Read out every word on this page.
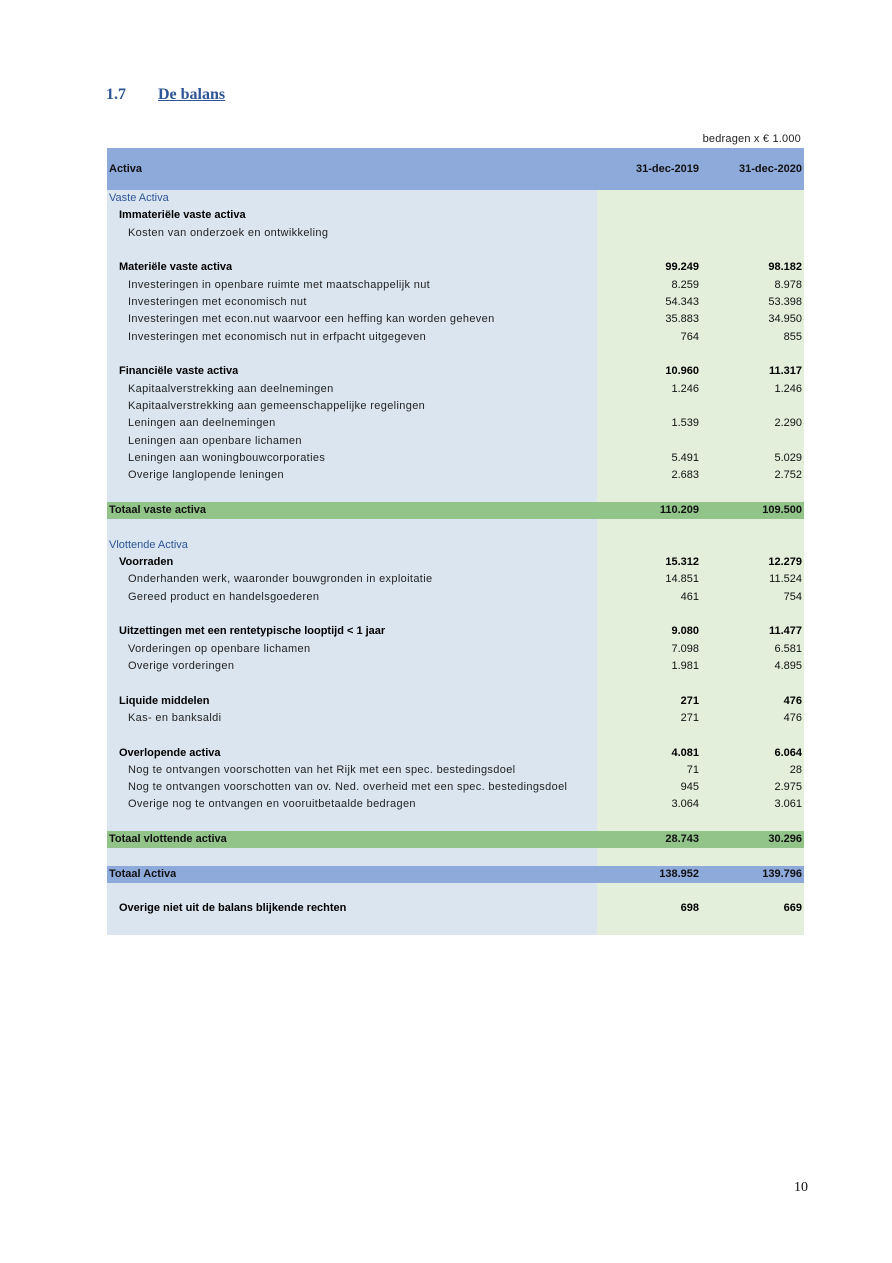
1.7 De balans
bedragen x € 1.000
Activa	31-dec-2019	31-dec-2020
Vaste Activa
Immateriële vaste activa
Kosten van onderzoek en ontwikkeling
Materiële vaste activa	99.249	98.182
Investeringen in openbare ruimte met maatschappelijk nut	8.259	8.978
Investeringen met economisch nut	54.343	53.398
Investeringen met econ.nut waarvoor een heffing kan worden geheven	35.883	34.950
Investeringen met economisch nut in erfpacht uitgegeven	764	855
Financiële vaste activa	10.960	11.317
Kapitaalverstrekking aan deelnemingen	1.246	1.246
Kapitaalverstrekking aan gemeenschappelijke regelingen
Leningen aan deelnemingen	1.539	2.290
Leningen aan openbare lichamen
Leningen aan woningbouwcorporaties	5.491	5.029
Overige langlopende leningen	2.683	2.752
Totaal vaste activa	110.209	109.500
Vlottende Activa
Voorraden	15.312	12.279
Onderhanden werk, waaronder bouwgronden in exploitatie	14.851	11.524
Gereed product en handelsgoederen	461	754
Uitzettingen met een rentetypische looptijd < 1 jaar	9.080	11.477
Vorderingen op openbare lichamen	7.098	6.581
Overige vorderingen	1.981	4.895
Liquide middelen	271	476
Kas- en banksaldi	271	476
Overlopende activa	4.081	6.064
Nog te ontvangen voorschotten van het Rijk met een spec. bestedingsdoel	71	28
Nog te ontvangen voorschotten van ov. Ned. overheid met een spec. bestedingsdoel	945	2.975
Overige nog te ontvangen en vooruitbetaalde bedragen	3.064	3.061
Totaal vlottende activa	28.743	30.296
Totaal Activa	138.952	139.796
Overige niet uit de balans blijkende rechten	698	669
10
